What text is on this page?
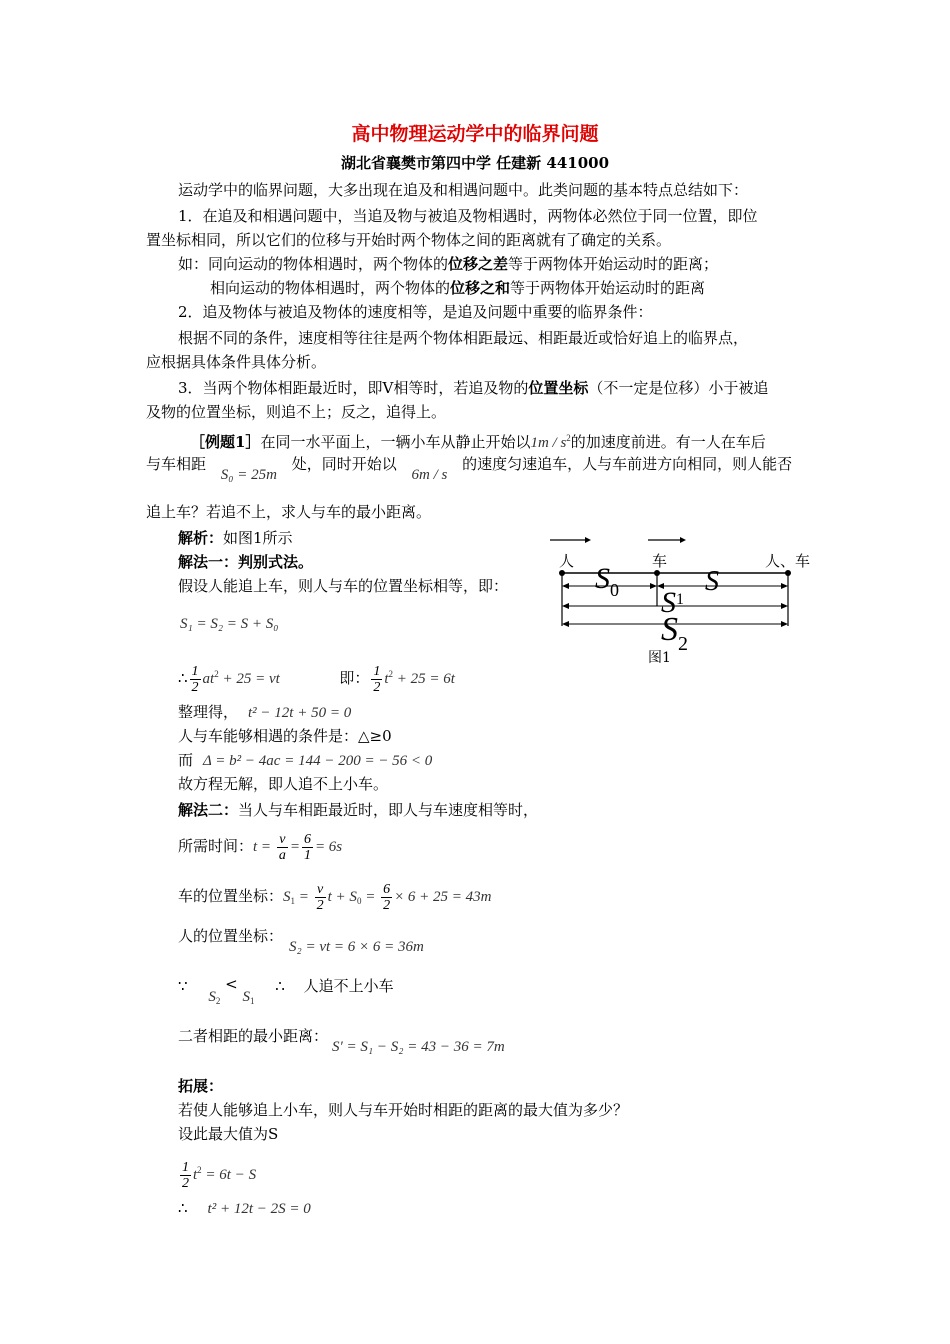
高中物理运动学中的临界问题
湖北省襄樊市第四中学 任建新 441000
运动学中的临界问题，大多出现在追及和相遇问题中。此类问题的基本特点总结如下：
1．在追及和相遇问题中，当追及物与被追及物相遇时，两物体必然位于同一位置，即位
置坐标相同，所以它们的位移与开始时两个物体之间的距离就有了确定的关系。
如：同向运动的物体相遇时，两个物体的位移之差等于两物体开始运动时的距离；
相向运动的物体相遇时，两个物体的位移之和等于两物体开始运动时的距离
2．追及物体与被追及物体的速度相等，是追及问题中重要的临界条件：
根据不同的条件，速度相等往往是两个物体相距最远、相距最近或恰好追上的临界点，
应根据具体条件具体分析。
3．当两个物体相距最近时，即V相等时，若追及物的位置坐标（不一定是位移）小于被追
及物的位置坐标，则追不上；反之，追得上。
［例题1］在同一水平面上，一辆小车从静止开始以$1m / s^2$的加速度前进。有一人在车后
与车相距 S₀ = 25m 处，同时开始以 6m / s 的速度匀速追车，人与车前进方向相同，则人能否
追上车？若追不上，求人与车的最小距离。
解析：如图1所示
解法一：判别式法。
假设人能追上车，则人与车的位置坐标相等，即：
S₁ = S₂ = S + S₀
∴ $\frac{1}{2} at^2 + 25$ = vt	即： $\frac{1}{2} t^2 + 25 = 6t$
整理得， t² − 12t + 50 = 0
人与车能够相遇的条件是：△≥0
而 Δ = b² − 4ac = 144 − 200 = − 56 < 0
故方程无解，即人追不上小车。
解法二：当人与车相距最近时，即人与车速度相等时，
所需时间：$t = \frac{v}{a} = \frac{6}{1} = 6s$
车的位置坐标：$S_1 = \frac{v}{2}$ $t + S_0 = \frac{6}{2} \times 6 + 25 = 43m$
人的位置坐标：S₂ = vt = 6 × 6 = 36m
∵ $S_2 < S_1$ ∴ 人追不上小车
二者相距的最小距离：S′ = S₁ − S₂ = 43 − 36 = 7m
拓展：
若使人能够追上小车，则人与车开始时相距的距离的最大值为多少？
设此最大值为S
$\frac{1}{2} t^2 = 6t - S$
∴ t² + 12t − 2S = 0
人	车	人、车
$S_0$	S
$S^1$
$S_2$
图1
